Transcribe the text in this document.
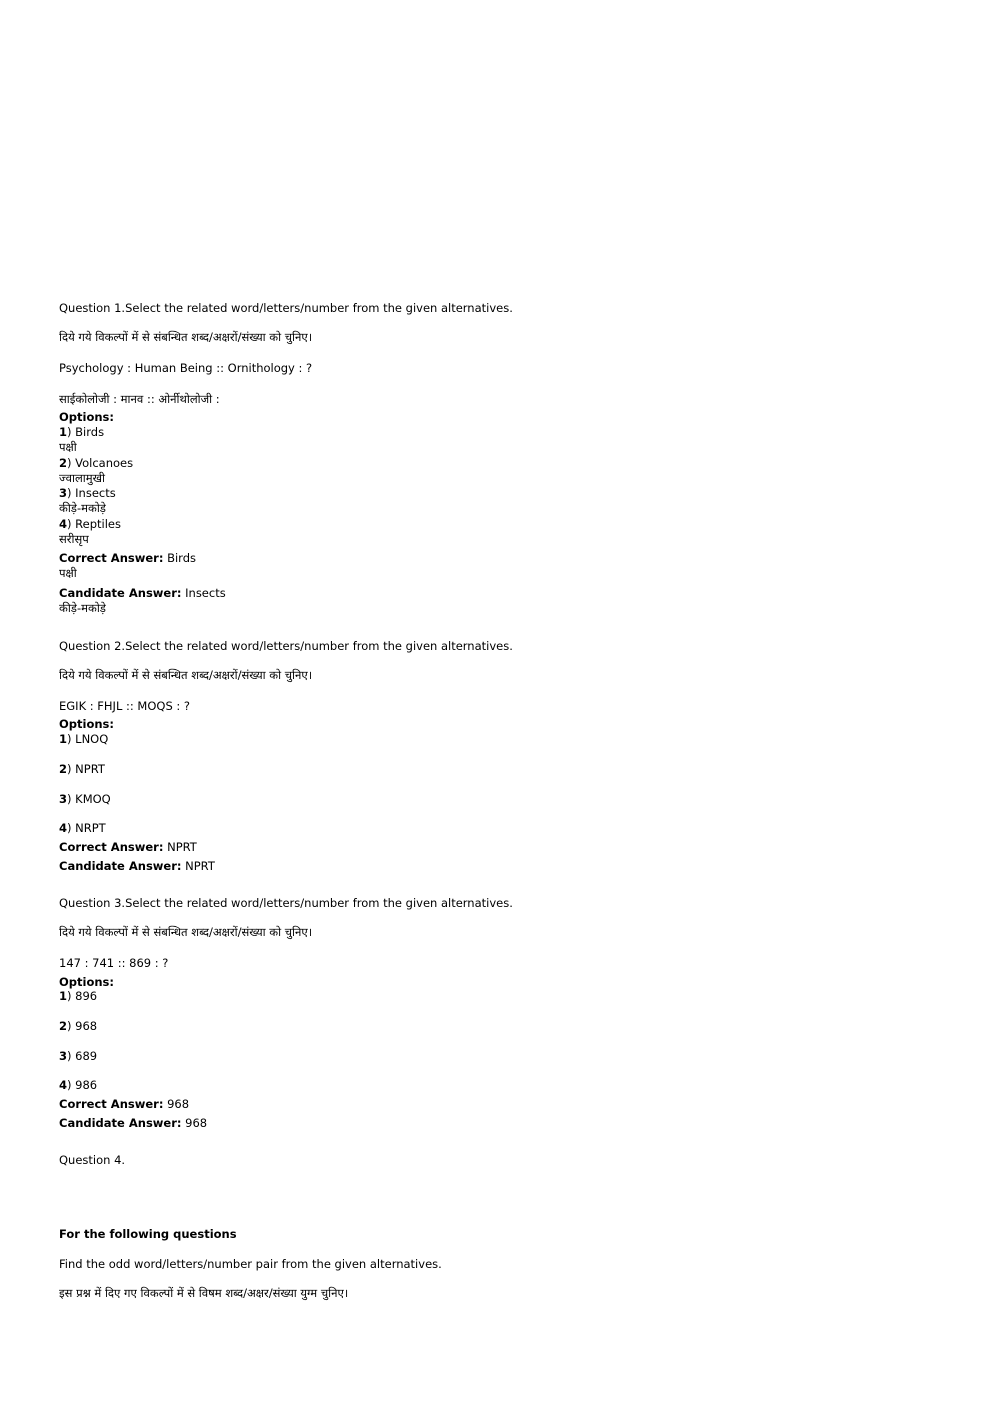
Question 1.Select the related word/letters/number from the given alternatives.
दिये गये विकल्पों में से संबन्धित शब्द/अक्षरों/संख्या को चुनिए।
Psychology : Human Being :: Ornithology : ?
साईकोलोजी : मानव :: ओर्नीथोलोजी :
Options:
1) Birds
पक्षी
2) Volcanoes
ज्वालामुखी
3) Insects
कीड़े-मकोड़े
4) Reptiles
सरीसृप
Correct Answer: Birds
पक्षी
Candidate Answer: Insects
कीड़े-मकोड़े
Question 2.Select the related word/letters/number from the given alternatives.
दिये गये विकल्पों में से संबन्धित शब्द/अक्षरों/संख्या को चुनिए।
EGIK : FHJL :: MOQS : ?
Options:
1) LNOQ
2) NPRT
3) KMOQ
4) NRPT
Correct Answer: NPRT
Candidate Answer: NPRT
Question 3.Select the related word/letters/number from the given alternatives.
दिये गये विकल्पों में से संबन्धित शब्द/अक्षरों/संख्या को चुनिए।
147 : 741 :: 869 : ?
Options:
1) 896
2) 968
3) 689
4) 986
Correct Answer: 968
Candidate Answer: 968
Question 4.
For the following questions
Find the odd word/letters/number pair from the given alternatives.
इस प्रश्न में दिए गए विकल्पों में से विषम शब्द/अक्षर/संख्या युग्म चुनिए।
